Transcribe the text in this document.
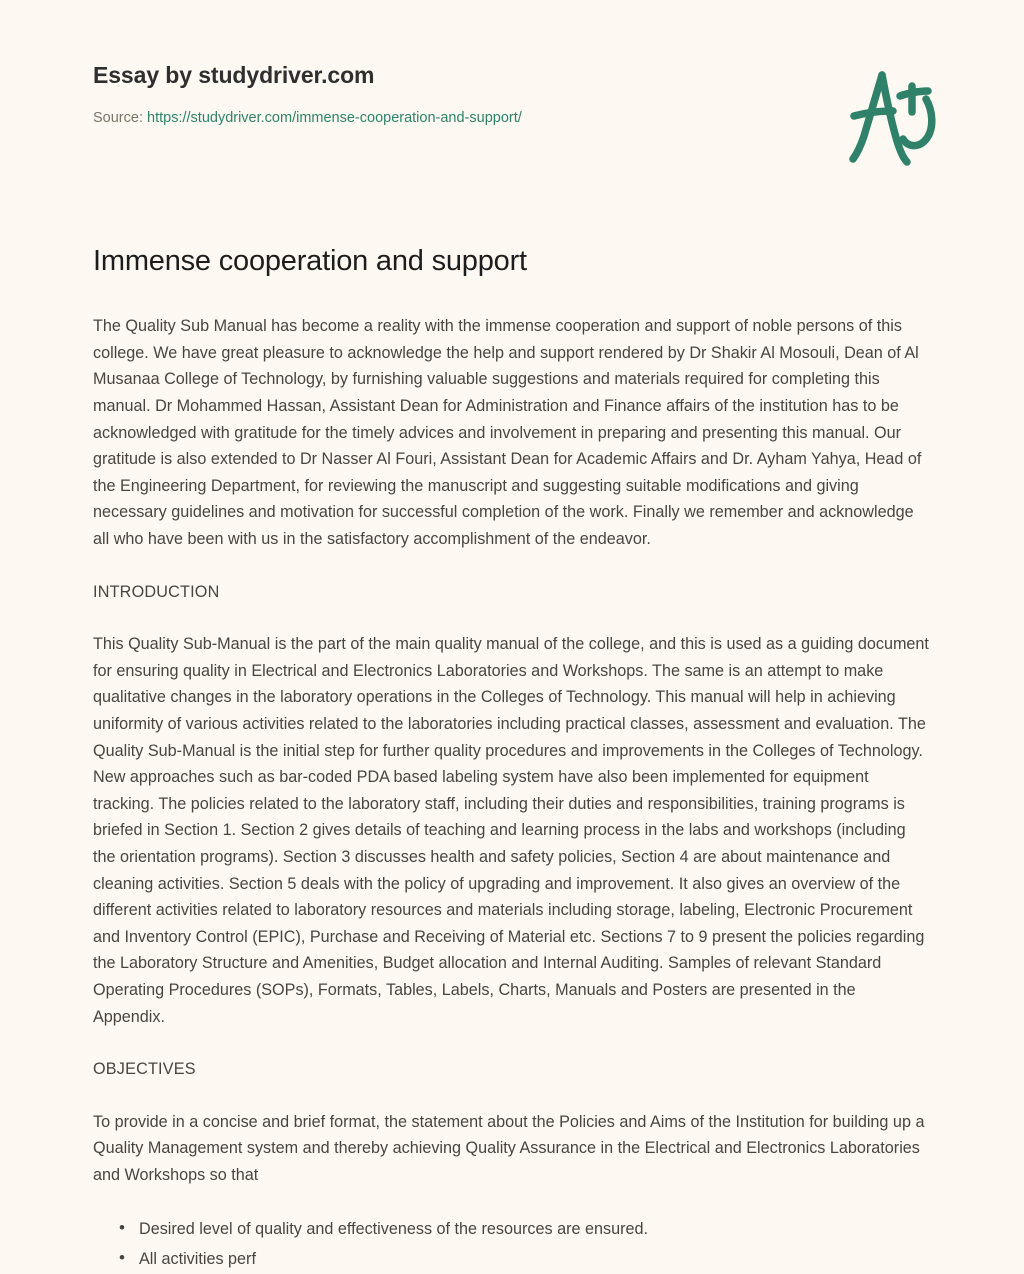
Essay by studydriver.com
Source: https://studydriver.com/immense-cooperation-and-support/
Immense cooperation and support

The Quality Sub Manual has become a reality with the immense cooperation and support of noble persons of this college. We have great pleasure to acknowledge the help and support rendered by Dr Shakir Al Mosouli, Dean of Al Musanaa College of Technology, by furnishing valuable suggestions and materials required for completing this manual. Dr Mohammed Hassan, Assistant Dean for Administration and Finance affairs of the institution has to be acknowledged with gratitude for the timely advices and involvement in preparing and presenting this manual. Our gratitude is also extended to Dr Nasser Al Fouri, Assistant Dean for Academic Affairs and Dr. Ayham Yahya, Head of the Engineering Department, for reviewing the manuscript and suggesting suitable modifications and giving necessary guidelines and motivation for successful completion of the work. Finally we remember and acknowledge all who have been with us in the satisfactory accomplishment of the endeavor.

INTRODUCTION

This Quality Sub-Manual is the part of the main quality manual of the college, and this is used as a guiding document for ensuring quality in Electrical and Electronics Laboratories and Workshops. The same is an attempt to make qualitative changes in the laboratory operations in the Colleges of Technology. This manual will help in achieving uniformity of various activities related to the laboratories including practical classes, assessment and evaluation. The Quality Sub-Manual is the initial step for further quality procedures and improvements in the Colleges of Technology. New approaches such as bar-coded PDA based labeling system have also been implemented for equipment tracking. The policies related to the laboratory staff, including their duties and responsibilities, training programs is briefed in Section 1. Section 2 gives details of teaching and learning process in the labs and workshops (including the orientation programs). Section 3 discusses health and safety policies, Section 4 are about maintenance and cleaning activities. Section 5 deals with the policy of upgrading and improvement. It also gives an overview of the different activities related to laboratory resources and materials including storage, labeling, Electronic Procurement and Inventory Control (EPIC), Purchase and Receiving of Material etc. Sections 7 to 9 present the policies regarding the Laboratory Structure and Amenities, Budget allocation and Internal Auditing. Samples of relevant Standard Operating Procedures (SOPs), Formats, Tables, Labels, Charts, Manuals and Posters are presented in the Appendix.

OBJECTIVES

To provide in a concise and brief format, the statement about the Policies and Aims of the Institution for building up a Quality Management system and thereby achieving Quality Assurance in the Electrical and Electronics Laboratories and Workshops so that

• Desired level of quality and effectiveness of the resources are ensured.
• All activities perf
